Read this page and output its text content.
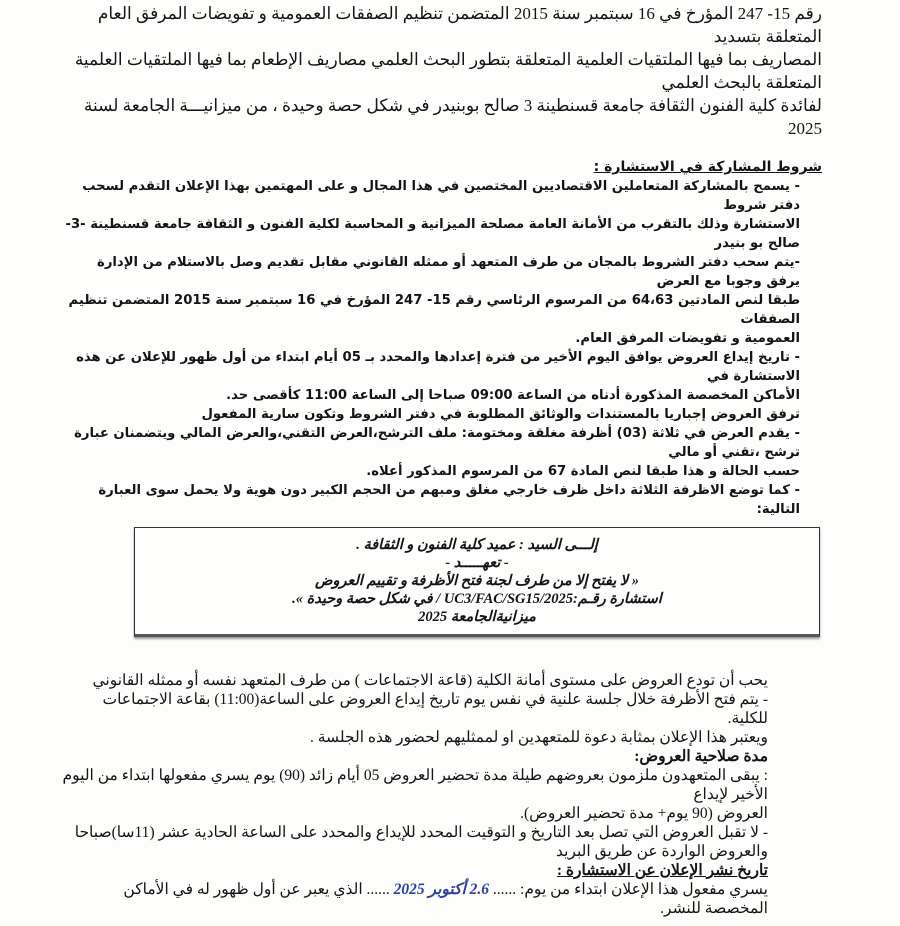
رقم 15- 247 المؤرخ في 16 سبتمبر سنة 2015 المتضمن تنظيم الصفقات العمومية و تفويضات المرفق العام المتعلقة بتسديد
المصاريف بما فيها الملتقيات العلمية المتعلقة بتطور البحث العلمي مصاريف الإطعام بما فيها الملتقيات العلمية المتعلقة بالبحث العلمي
لفائدة كلية الفنون الثقافة جامعة قسنطينة 3 صالح بوبنيدر في شكل حصة وحيدة ، من ميزانيـــة الجامعة لسنة 2025
شروط المشاركة في الاستشارة :
- يسمح بالمشاركة المتعاملين الاقتصاديين المختصين في هذا المجال و على المهتمين بهذا الإعلان التقدم لسحب دفتر شروط
الاستشارة وذلك بالتقرب من الأمانة العامة مصلحة الميزانية و المحاسبة لكلية الفنون و الثقافة جامعة قسنطينة -3- صالح بو بنيدر
-يتم سحب دفتر الشروط بالمجان من طرف المتعهد أو ممثله القانوني مقابل تقديم وصل بالاستلام من الإدارة يرفق وجوبا مع العرض
طبقا لنص المادتين 64،63 من المرسوم الرئاسي رقم 15- 247 المؤرخ في 16 سبتمبر سنة 2015 المتضمن تنظيم الصفقات
العمومية و تفويضات المرفق العام.
- تاريخ إيداع العروض يوافق اليوم الأخير من فترة إعدادها والمحدد بـ 05 أيام ابتداء من أول ظهور للإعلان عن هذه الاستشارة في
الأماكن المخصصة المذكورة أدناه من الساعة 09:00 صباحا إلى الساعة 11:00 كأقصى حد.
ترفق العروض إجباريا بالمستندات والوثائق المطلوبة في دفتر الشروط وتكون سارية المفعول
- يقدم العرض في ثلاثة (03) أظرفة مغلقة ومختومة: ملف الترشح،العرض التقني،والعرض المالي ويتضمنان عبارة ترشح ،تقني أو مالي
حسب الحالة و هذا طبقا لنص المادة 67 من المرسوم المذكور أعلاه.
- كما توضع الاظرفة الثلاثة داخل ظرف خارجي مغلق ومبهم من الحجم الكبير دون هوية ولا يحمل سوى العبارة التالية:
إلـــى السيد : عميد كلية الفنون و الثقافة .
- تعهـــــد -
« لا يفتح إلا من طرف لجنة فتح الأظرفة و تقييم العروض
استشارة رقـم:UC3/FAC/SG15/2025 / في شكل حصة وحيدة ».
ميزانيةالجامعة 2025
يحب أن تودع العروض على مستوى أمانة الكلية (قاعة الاجتماعات ) من طرف المتعهد نفسه أو ممثله القانوني
- يتم فتح الأظرفة خلال جلسة علنية في نفس يوم تاريخ إيداع العروض على الساعة(11:00) بقاعة الاجتماعات للكلية.
ويعتبر هذا الإعلان بمثابة دعوة للمتعهدين او لممثليهم لحضور هذه الجلسة .
مدة صلاحية العروض:
: يبقى المتعهدون ملزمون بعروضهم طيلة مدة تحضير العروض 05 أيام زائد (90) يوم يسري مفعولها ابتداء من اليوم الأخير لإيداع
العروض (90 يوم+ مدة تحضير العروض).
- لا تقبل العروض التي تصل بعد التاريخ و التوقيت المحدد للإيداع والمحدد على الساعة الحادية عشر (11سا)صباحا والعروض الواردة عن طريق البريد
تاريخ نشر الإعلان عن الاستشارة :
يسري مفعول هذا الإعلان ابتداء من يوم: ...... 2.6 أكتوبر 2025 ...... الذي يعبر عن أول ظهور له في الأماكن المخصصة للنشر.
